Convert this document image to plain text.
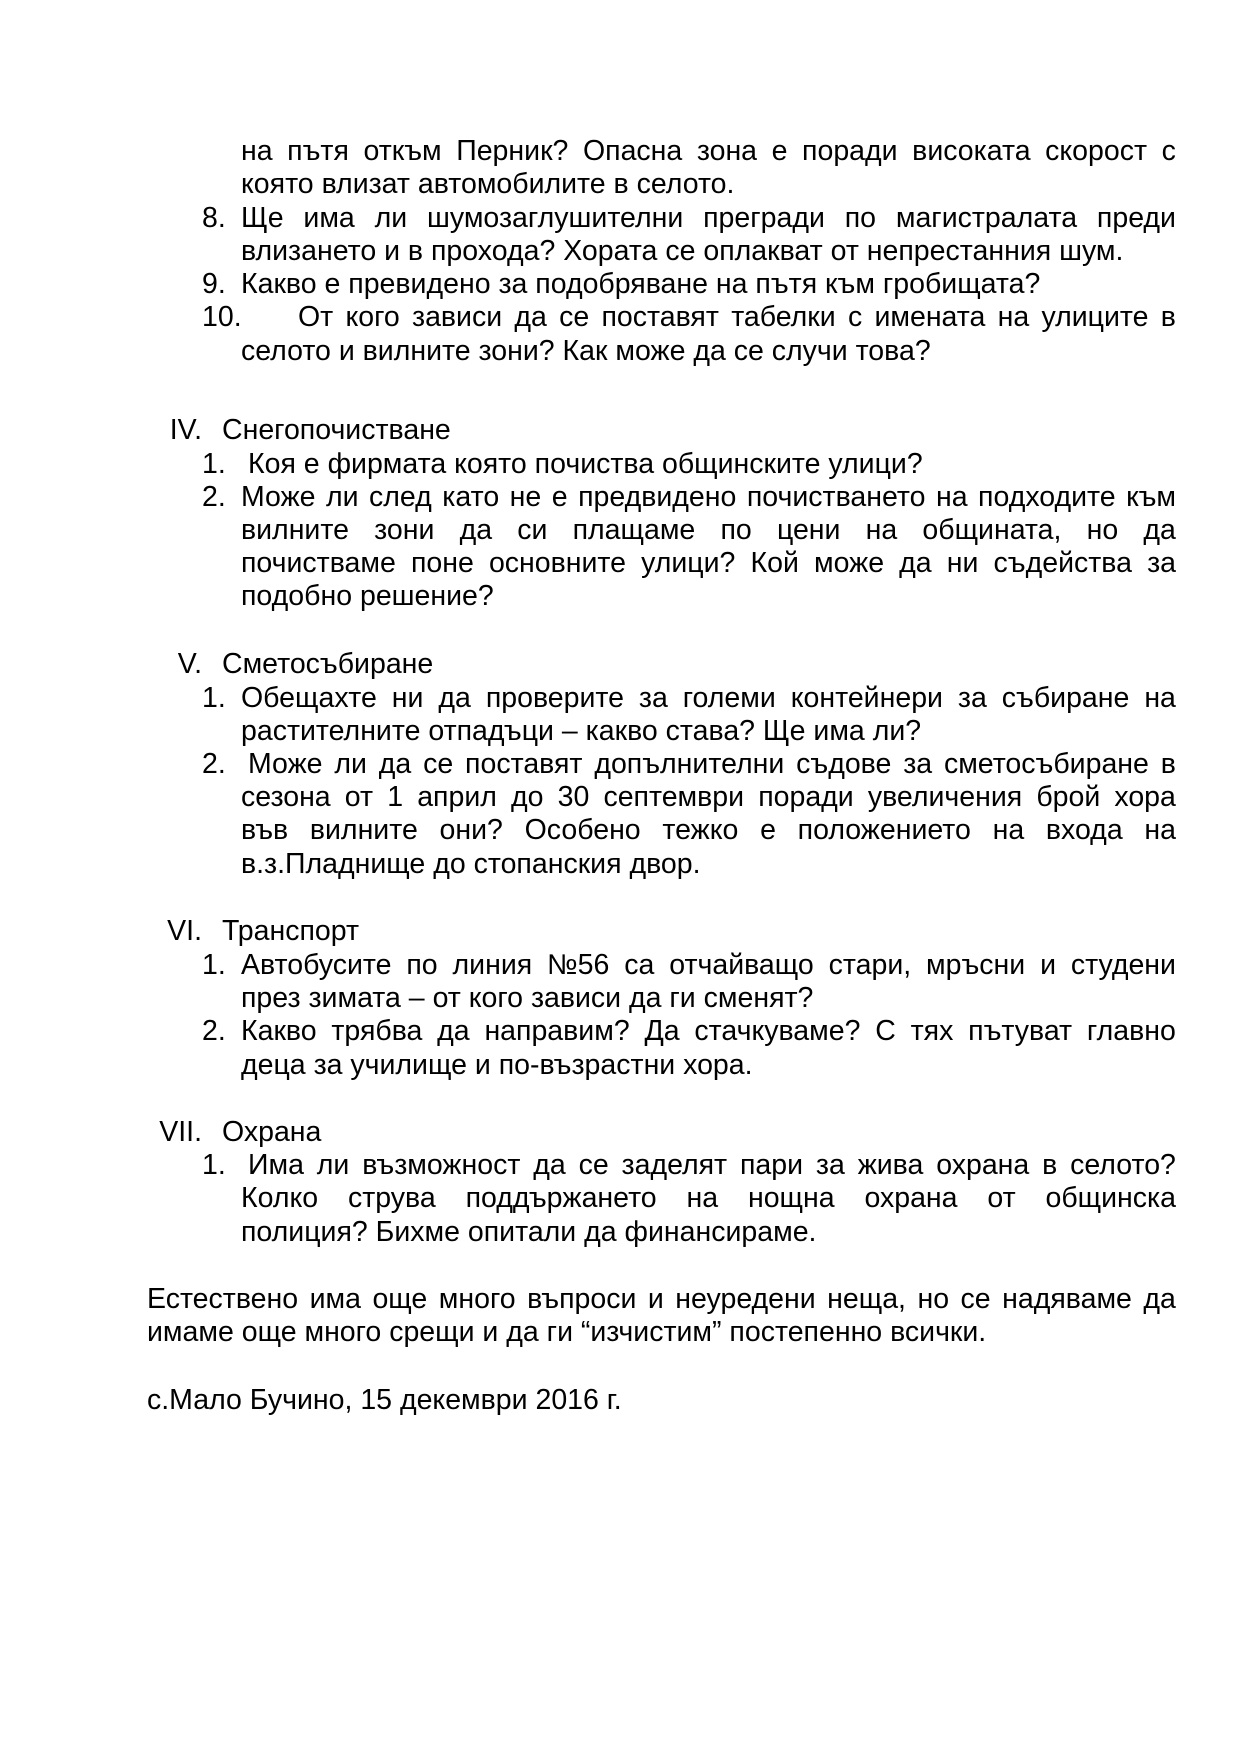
на пътя откъм Перник? Опасна зона е поради високата скорост с
която влизат автомобилите в селото.
8. Ще има ли шумозаглушителни прегради по магистралата преди
влизането и в прохода? Хората се оплакват от непрестанния шум.
9. Какво е превидено за подобряване на пътя към гробищата?
10. От кого зависи да се поставят табелки с имената на улиците в
селото и вилните зони? Как може да се случи това?
IV. Снегопочистване
1. Коя е фирмата която почиства общинските улици?
2. Може ли след като не е предвидено почистването на подходите към
вилните зони да си плащаме по цени на общината, но да
почистваме поне основните улици? Кой може да ни съдейства за
подобно решение?
V. Сметосъбиране
1. Обещахте ни да проверите за големи контейнери за събиране на
растителните отпадъци – какво става? Ще има ли?
2. Може ли да се поставят допълнителни съдове за сметосъбиране в
сезона от 1 април до 30 септември поради увеличения брой хора
във вилните они? Особено тежко е положението на входа на
в.з.Пладнище до стопанския двор.
VI. Транспорт
1. Автобусите по линия №56 са отчайващо стари, мръсни и студени
през зимата – от кого зависи да ги сменят?
2. Какво трябва да направим? Да стачкуваме? С тях пътуват главно
деца за училище и по-възрастни хора.
VII. Охрана
1. Има ли възможност да се заделят пари за жива охрана в селото?
Колко струва поддържането на нощна охрана от общинска
полиция? Бихме опитали да финансираме.
Естествено има още много въпроси и неуредени неща, но се надяваме да
имаме още много срещи и да ги “изчистим” постепенно всички.
с.Мало Бучино, 15 декември 2016 г.
